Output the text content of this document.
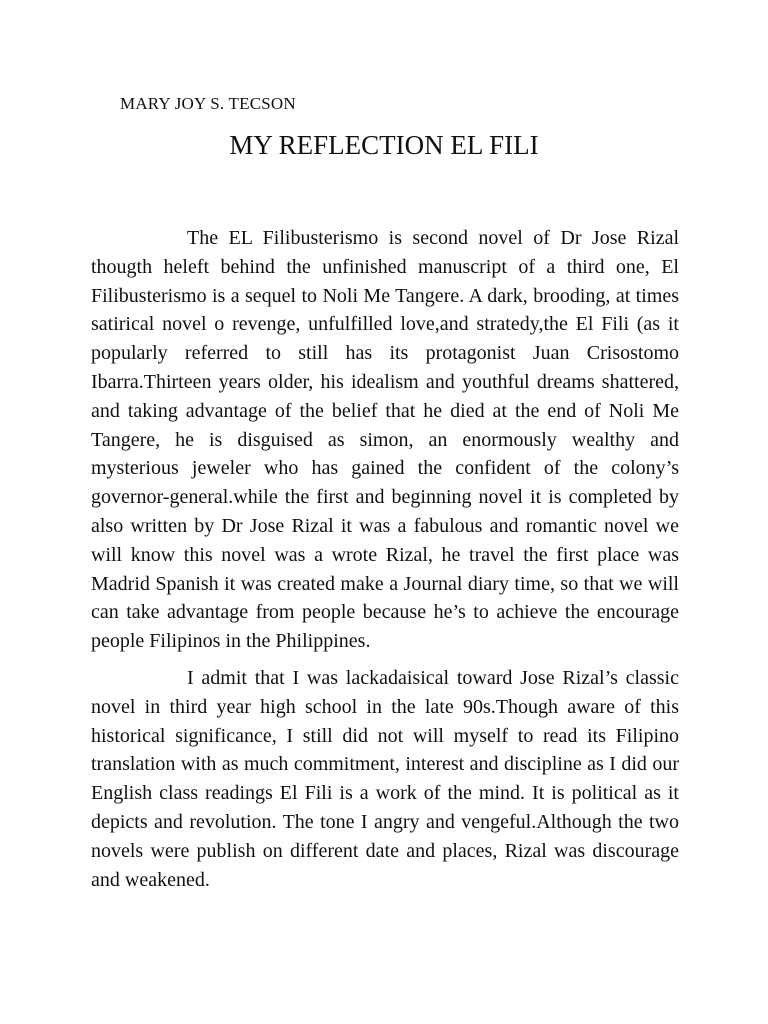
MARY JOY S. TECSON
MY REFLECTION EL FILI

The EL Filibusterismo is second novel of Dr Jose Rizal thougth heleft behind the unfinished manuscript of a third one, El Filibusterismo is a sequel to Noli Me Tangere. A dark, brooding, at times satirical novel o revenge, unfulfilled love,and stratedy,the El Fili (as it popularly referred to still has its protagonist Juan Crisostomo Ibarra.Thirteen years older, his idealism and youthful dreams shattered, and taking advantage of the belief that he died at the end of Noli Me Tangere, he is disguised as simon, an enormously wealthy and mysterious jeweler who has gained the confident of the colony’s governor-general.while the first and beginning novel it is completed by also written by Dr Jose Rizal it was a fabulous and romantic novel we will know this novel was a wrote Rizal, he travel the first place was Madrid Spanish it was created make a Journal diary time, so that we will can take advantage from people because he’s to achieve the encourage people Filipinos in the Philippines.

I admit that I was lackadaisical toward Jose Rizal’s classic novel in third year high school in the late 90s.Though aware of this historical significance, I still did not will myself to read its Filipino translation with as much commitment, interest and discipline as I did our English class readings El Fili is a work of the mind. It is political as it depicts and revolution. The tone I angry and vengeful.Although the two novels were publish on different date and places, Rizal was discourage and weakened.
